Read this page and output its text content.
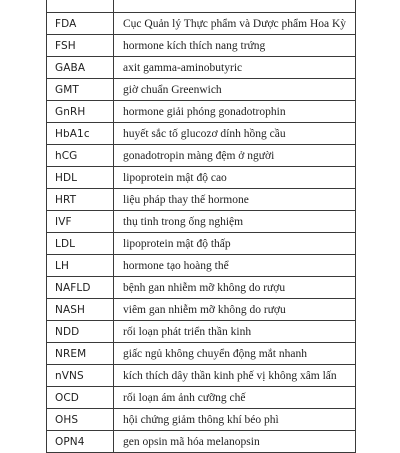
FDA	Cục Quản lý Thực phẩm và Dược phẩm Hoa Kỳ
FSH	hormone kích thích nang trứng
GABA	axit gamma-aminobutyric
GMT	giờ chuẩn Greenwich
GnRH	hormone giải phóng gonadotrophin
HbA1c	huyết sắc tố glucozơ dính hồng cầu
hCG	gonadotropin màng đệm ở người
HDL	lipoprotein mật độ cao
HRT	liệu pháp thay thế hormone
IVF	thụ tinh trong ống nghiệm
LDL	lipoprotein mật độ thấp
LH	hormone tạo hoàng thể
NAFLD	bệnh gan nhiễm mỡ không do rượu
NASH	viêm gan nhiễm mỡ không do rượu
NDD	rối loạn phát triển thần kinh
NREM	giấc ngủ không chuyển động mắt nhanh
nVNS	kích thích dây thần kinh phế vị không xâm lấn
OCD	rối loạn ám ảnh cưỡng chế
OHS	hội chứng giảm thông khí béo phì
OPN4	gen opsin mã hóa melanopsin
